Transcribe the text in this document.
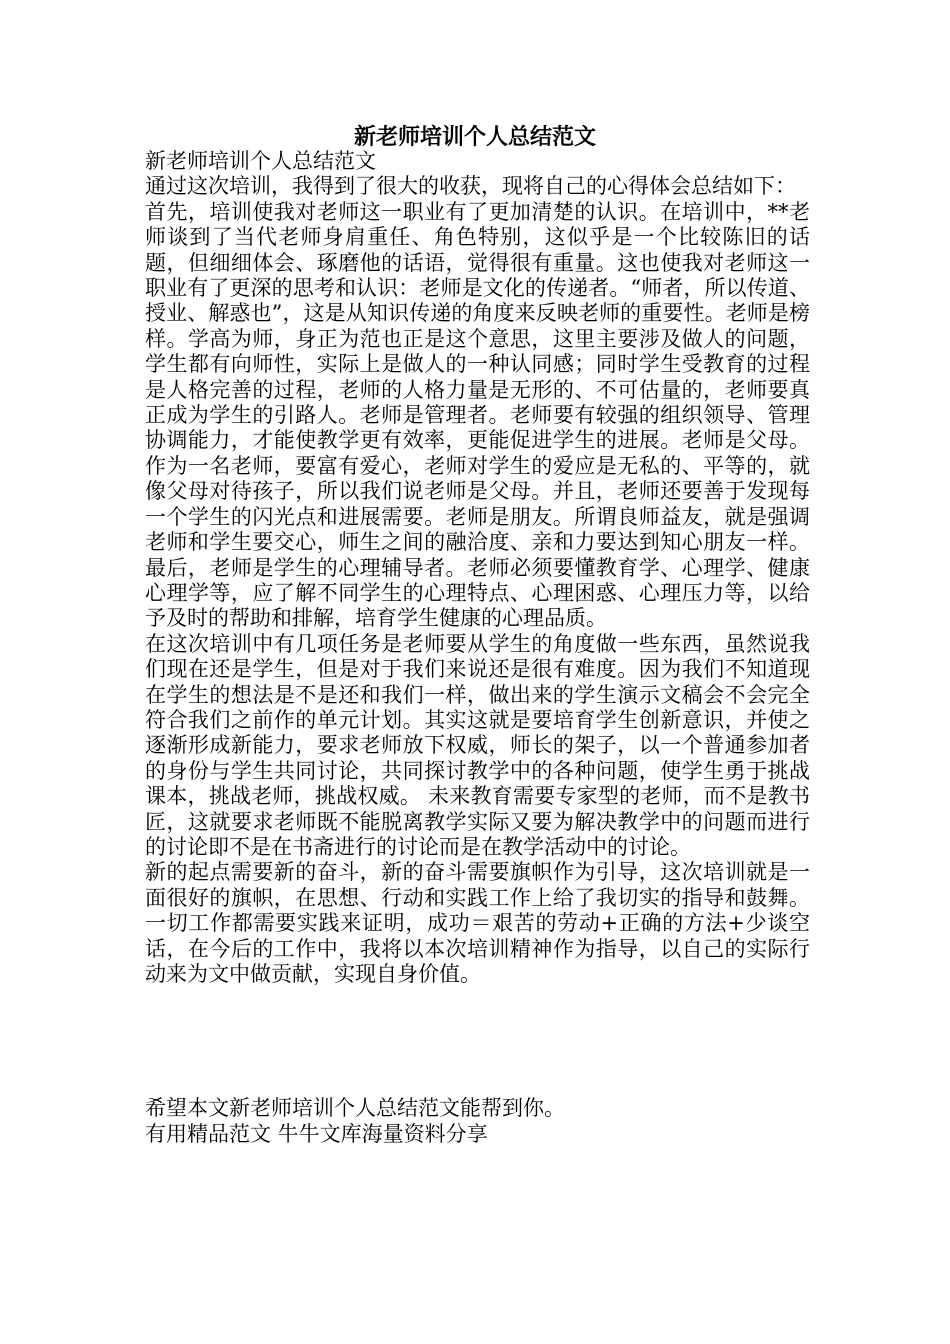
新老师培训个人总结范文

新老师培训个人总结范文

通过这次培训，我得到了很大的收获，现将自己的心得体会总结如下：

首先，培训使我对老师这一职业有了更加清楚的认识。在培训中，**老师谈到了当代老师身肩重任、角色特别，这似乎是一个比较陈旧的话题，但细细体会、琢磨他的话语，觉得很有重量。这也使我对老师这一职业有了更深的思考和认识：老师是文化的传递者。“师者，所以传道、授业、解惑也”，这是从知识传递的角度来反映老师的重要性。老师是榜样。学高为师，身正为范也正是这个意思，这里主要涉及做人的问题，学生都有向师性，实际上是做人的一种认同感；同时学生受教育的过程是人格完善的过程，老师的人格力量是无形的、不可估量的，老师要真正成为学生的引路人。老师是管理者。老师要有较强的组织领导、管理协调能力，才能使教学更有效率，更能促进学生的进展。老师是父母。作为一名老师，要富有爱心，老师对学生的爱应是无私的、平等的，就像父母对待孩子，所以我们说老师是父母。并且，老师还要善于发现每一个学生的闪光点和进展需要。老师是朋友。所谓良师益友，就是强调老师和学生要交心，师生之间的融洽度、亲和力要达到知心朋友一样。最后，老师是学生的心理辅导者。老师必须要懂教育学、心理学、健康心理学等，应了解不同学生的心理特点、心理困惑、心理压力等，以给予及时的帮助和排解，培育学生健康的心理品质。

在这次培训中有几项任务是老师要从学生的角度做一些东西，虽然说我们现在还是学生，但是对于我们来说还是很有难度。因为我们不知道现在学生的想法是不是还和我们一样，做出来的学生演示文稿会不会完全符合我们之前作的单元计划。其实这就是要培育学生创新意识，并使之逐渐形成新能力，要求老师放下权威，师长的架子，以一个普通参加者的身份与学生共同讨论，共同探讨教学中的各种问题，使学生勇于挑战课本，挑战老师，挑战权威。 未来教育需要专家型的老师，而不是教书匠，这就要求老师既不能脱离教学实际又要为解决教学中的问题而进行的讨论即不是在书斋进行的讨论而是在教学活动中的讨论。

新的起点需要新的奋斗，新的奋斗需要旗帜作为引导，这次培训就是一面很好的旗帜，在思想、行动和实践工作上给了我切实的指导和鼓舞。一切工作都需要实践来证明，成功＝艰苦的劳动+正确的方法+少谈空话，在今后的工作中，我将以本次培训精神作为指导，以自己的实际行动来为文中做贡献，实现自身价值。

希望本文新老师培训个人总结范文能帮到你。

有用精品范文 牛牛文库海量资料分享
